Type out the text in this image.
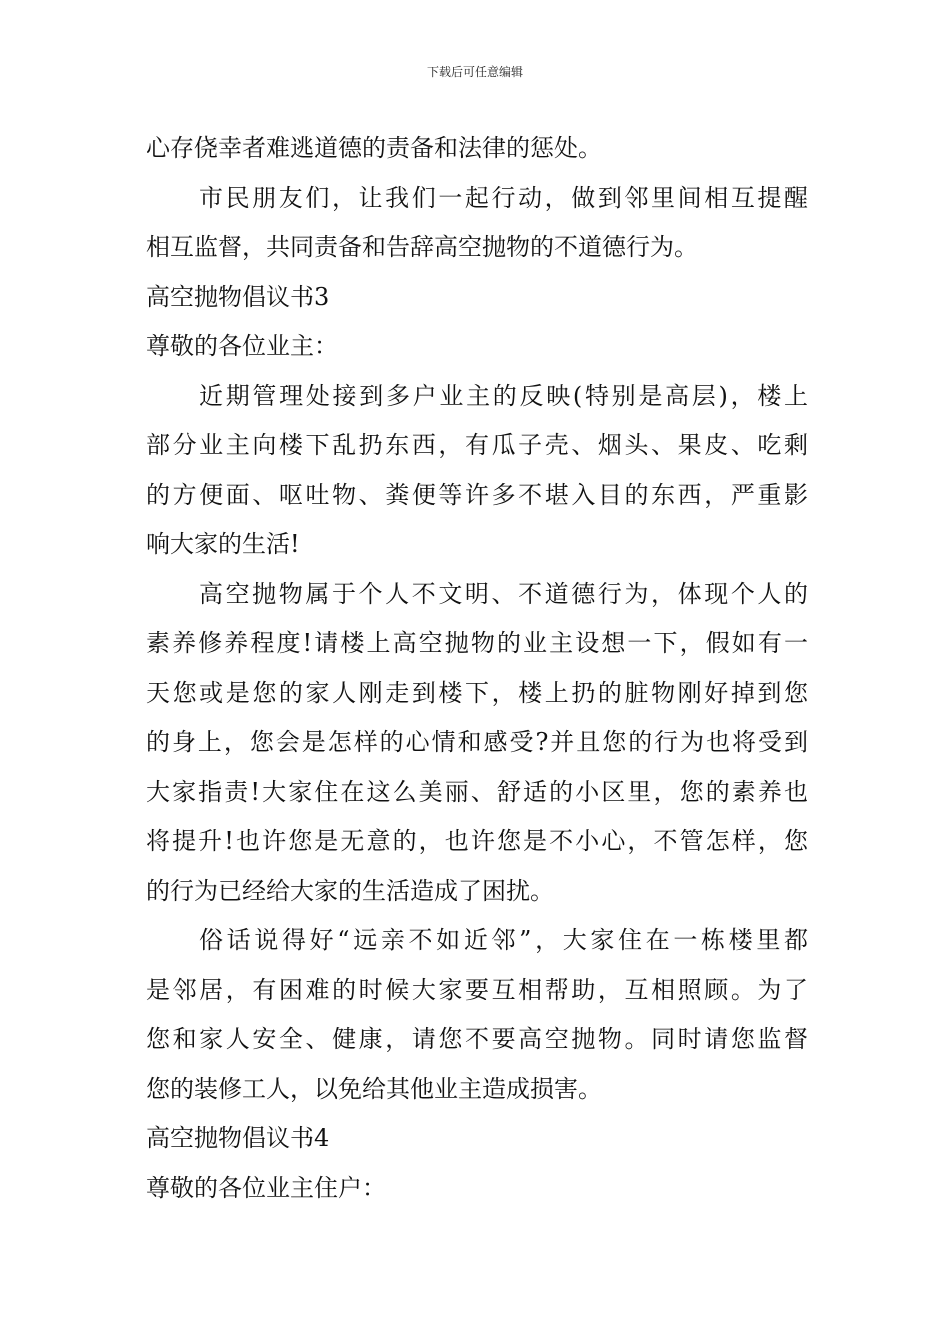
下载后可任意编辑
心存侥幸者难逃道德的责备和法律的惩处。
市民朋友们，让我们一起行动，做到邻里间相互提醒
相互监督，共同责备和告辞高空抛物的不道德行为。
高空抛物倡议书3
尊敬的各位业主：
近期管理处接到多户业主的反映(特别是高层)，楼上
部分业主向楼下乱扔东西，有瓜子壳、烟头、果皮、吃剩
的方便面、呕吐物、粪便等许多不堪入目的东西，严重影
响大家的生活!
高空抛物属于个人不文明、不道德行为，体现个人的
素养修养程度!请楼上高空抛物的业主设想一下，假如有一
天您或是您的家人刚走到楼下，楼上扔的脏物刚好掉到您
的身上，您会是怎样的心情和感受?并且您的行为也将受到
大家指责!大家住在这么美丽、舒适的小区里，您的素养也
将提升!也许您是无意的，也许您是不小心，不管怎样，您
的行为已经给大家的生活造成了困扰。
俗话说得好“远亲不如近邻”，大家住在一栋楼里都
是邻居，有困难的时候大家要互相帮助，互相照顾。为了
您和家人安全、健康，请您不要高空抛物。同时请您监督
您的装修工人，以免给其他业主造成损害。
高空抛物倡议书4
尊敬的各位业主住户：
